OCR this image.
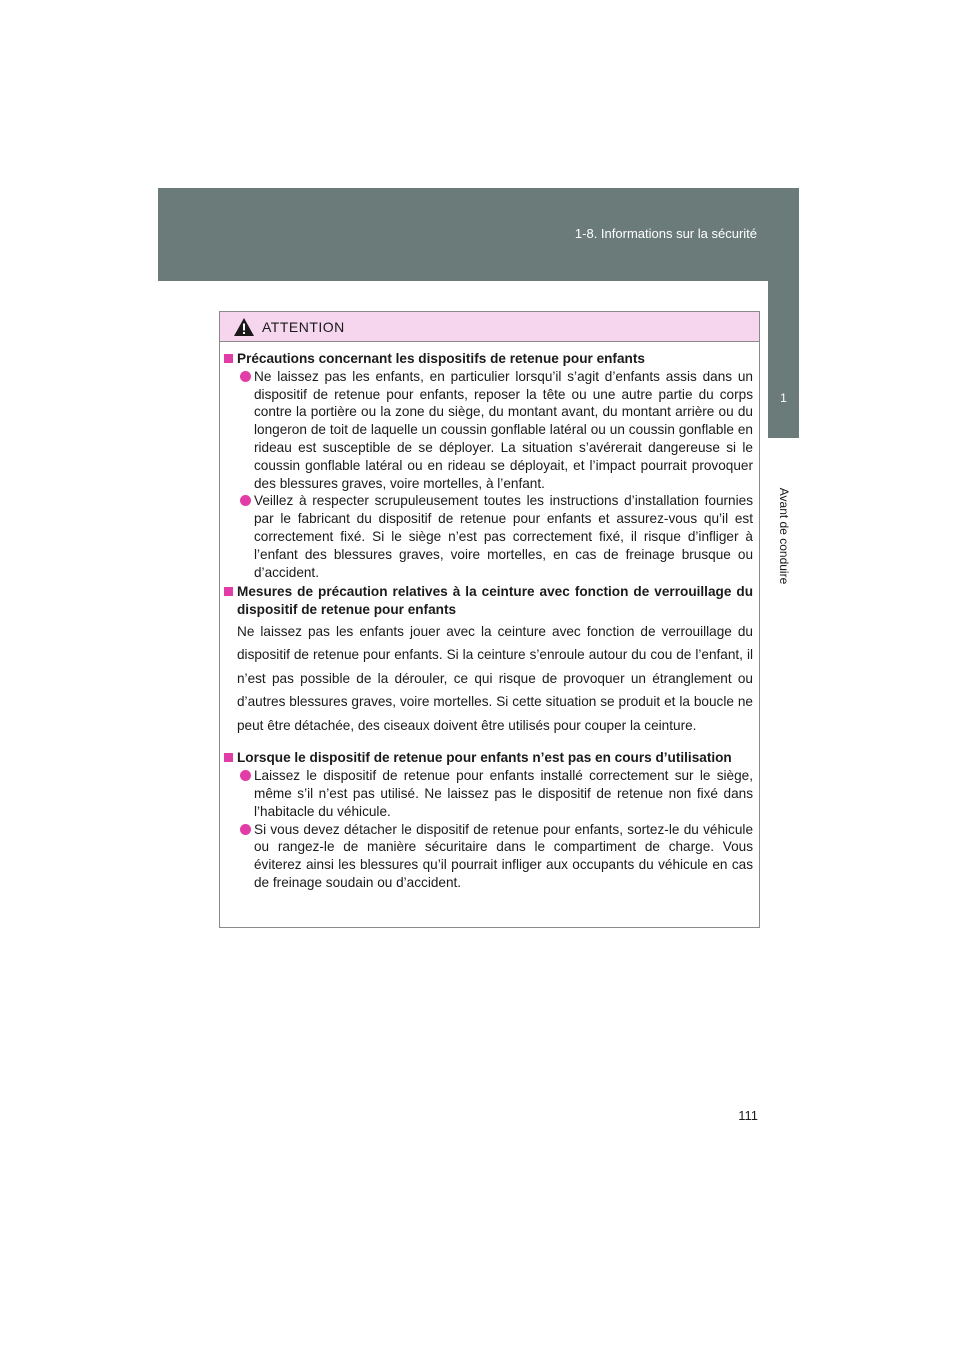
1-8. Informations sur la sécurité
1
Avant de conduire
ATTENTION
Précautions concernant les dispositifs de retenue pour enfants
Ne laissez pas les enfants, en particulier lorsqu’il s’agit d’enfants assis dans un dispositif de retenue pour enfants, reposer la tête ou une autre partie du corps contre la portière ou la zone du siège, du montant avant, du montant arrière ou du longeron de toit de laquelle un coussin gonflable latéral ou un coussin gonflable en rideau est susceptible de se déployer. La situation s’avérerait dangereuse si le coussin gonflable latéral ou en rideau se déployait, et l’impact pourrait provoquer des blessures graves, voire mortelles, à l’enfant.
Veillez à respecter scrupuleusement toutes les instructions d’installation fournies par le fabricant du dispositif de retenue pour enfants et assurez-vous qu’il est correctement fixé. Si le siège n’est pas correctement fixé, il risque d’infliger à l’enfant des blessures graves, voire mortelles, en cas de freinage brusque ou d’accident.
Mesures de précaution relatives à la ceinture avec fonction de verrouillage du dispositif de retenue pour enfants
Ne laissez pas les enfants jouer avec la ceinture avec fonction de verrouillage du dispositif de retenue pour enfants. Si la ceinture s’enroule autour du cou de l’enfant, il n’est pas possible de la dérouler, ce qui risque de provoquer un étranglement ou d’autres blessures graves, voire mortelles. Si cette situation se produit et la boucle ne peut être détachée, des ciseaux doivent être utilisés pour couper la ceinture.
Lorsque le dispositif de retenue pour enfants n’est pas en cours d’utilisation
Laissez le dispositif de retenue pour enfants installé correctement sur le siège, même s’il n’est pas utilisé. Ne laissez pas le dispositif de retenue non fixé dans l’habitacle du véhicule.
Si vous devez détacher le dispositif de retenue pour enfants, sortez-le du véhicule ou rangez-le de manière sécuritaire dans le compartiment de charge. Vous éviterez ainsi les blessures qu’il pourrait infliger aux occupants du véhicule en cas de freinage soudain ou d’accident.
111
